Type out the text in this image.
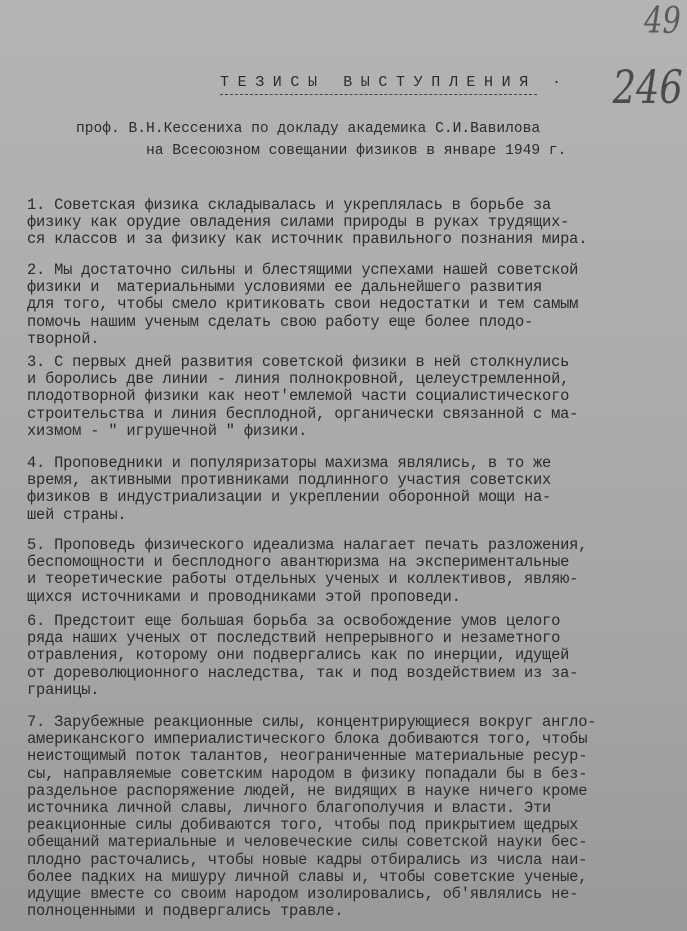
49
246
ТЕЗИСЫ ВЫСТУПЛЕНИЯ ·
проф. В.Н.Кессениха по докладу академика С.И.Вавилова
на Всесоюзном совещании физиков в январе 1949 г.
1. Советская физика складывалась и укреплялась в борьбе за
физику как орудие овладения силами природы в руках трудящих-
ся классов и за физику как источник правильного познания мира.
2. Мы достаточно сильны и блестящими успехами нашей советской
физики и  материальными условиями ее дальнейшего развития
для того, чтобы смело критиковать свои недостатки и тем самым
помочь нашим ученым сделать свою работу еще более плодо-
творной.
3. С первых дней развития советской физики в ней столкнулись
и боролись две линии - линия полнокровной, целеустремленной,
плодотворной физики как неот'емлемой части социалистического
строительства и линия бесплодной, органически связанной с ма-
хизмом - " игрушечной " физики.
4. Проповедники и популяризаторы махизма являлись, в то же
время, активными противниками подлинного участия советских
физиков в индустриализации и укреплении оборонной мощи на-
шей страны.
5. Проповедь физического идеализма налагает печать разложения,
беспомощности и бесплодного авантюризма на экспериментальные
и теоретические работы отдельных ученых и коллективов, являю-
щихся источниками и проводниками этой проповеди.
6. Предстоит еще большая борьба за освобождение умов целого
ряда наших ученых от последствий непрерывного и незаметного
отравления, которому они подвергались как по инерции, идущей
от дореволюционного наследства, так и под воздействием из за-
границы.
7. Зарубежные реакционные силы, концентрирующиеся вокруг англо-
американского империалистического блока добиваются того, чтобы
неистощимый поток талантов, неограниченные материальные ресур-
сы, направляемые советским народом в физику попадали бы в без-
раздельное распоряжение людей, не видящих в науке ничего кроме
источника личной славы, личного благополучия и власти. Эти
реакционные силы добиваются того, чтобы под прикрытием щедрых
обещаний материальные и человеческие силы советской науки бес-
плодно расточались, чтобы новые кадры отбирались из числа наи-
более падких на мишуру личной славы и, чтобы советские ученые,
идущие вместе со своим народом изолировались, об'являлись не-
полноценными и подвергались травле.
